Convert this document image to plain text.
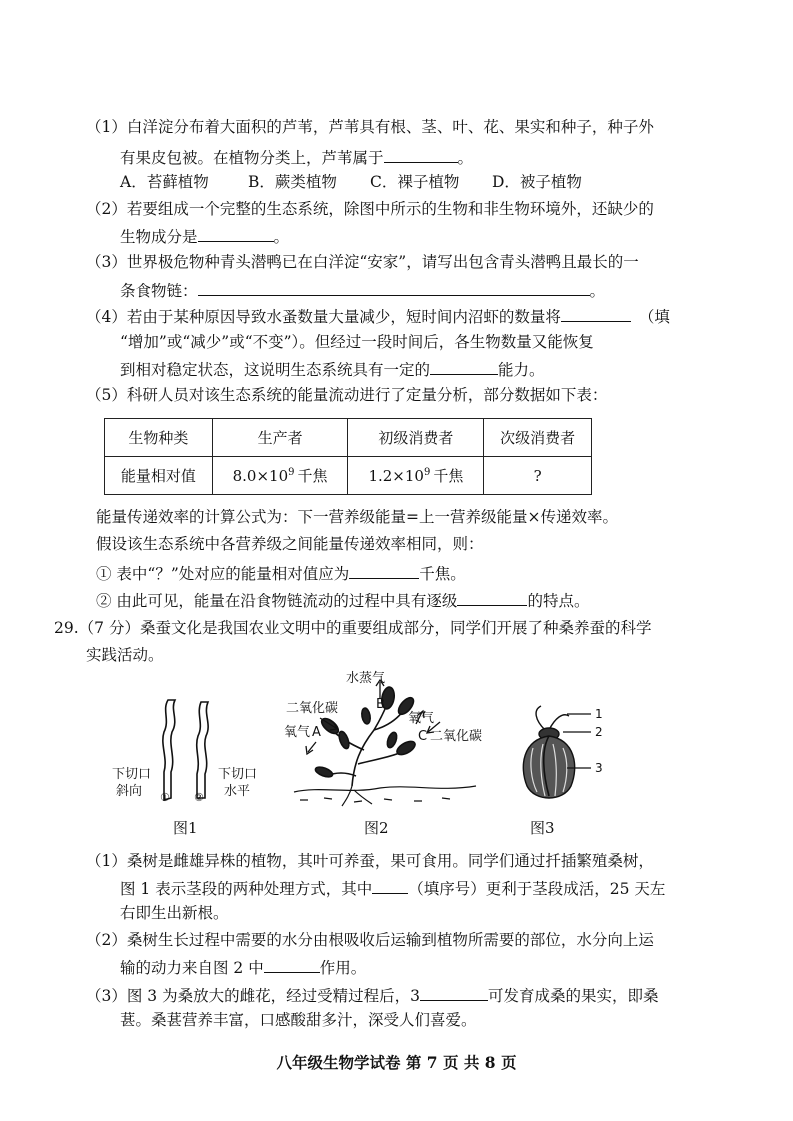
（1）白洋淀分布着大面积的芦苇，芦苇具有根、茎、叶、花、果实和种子，种子外
有果皮包被。在植物分类上，芦苇属于	。
A．苔藓植物	B．蕨类植物 C．裸子植物 D．被子植物
（2）若要组成一个完整的生态系统，除图中所示的生物和非生物环境外，还缺少的
生物成分是	。
（3）世界极危物种青头潜鸭已在白洋淀“安家”，请写出包含青头潜鸭且最长的一
条食物链：	。
（4）若由于某种原因导致水蚤数量大量减少，短时间内沼虾的数量将	（填
“增加”或“减少”或“不变”）。但经过一段时间后，各生物数量又能恢复
到相对稳定状态，这说明生态系统具有一定的	能力。
（5）科研人员对该生态系统的能量流动进行了定量分析，部分数据如下表：
生物种类	生产者	初级消费者	次级消费者
能量相对值	$8.0\times 10^9$ 千焦	$1.2\times 10^9$ 千焦	?
能量传递效率的计算公式为：下一营养级能量=上一营养级能量×传递效率。
假设该生态系统中各营养级之间能量传递效率相同，则：
① 表中“？”处对应的能量相对值应为	千焦。
② 由此可见，能量在沿食物链流动的过程中具有逐级	的特点。
29.（7 分）桑蚕文化是我国农业文明中的重要组成部分，同学们开展了种桑养蚕的科学
实践活动。
下切口
斜向
下切口
水平
① ②
图1
水蒸气
二氧化碳	B
氧气 A
氧气
C 二氧化碳
图2
1
2
3
图3
（1）桑树是雌雄异株的植物，其叶可养蚕，果可食用。同学们通过扦插繁殖桑树，
图 1 表示茎段的两种处理方式，其中 （填序号）更利于茎段成活，25 天左
右即生出新根。
（2）桑树生长过程中需要的水分由根吸收后运输到植物所需要的部位，水分向上运
输的动力来自图 2 中	作用。
（3）图 3 为桑放大的雌花，经过受精过程后，3	可发育成桑的果实，即桑
葚。桑葚营养丰富，口感酸甜多汁，深受人们喜爱。
八年级生物学试卷 第 7 页 共 8 页
